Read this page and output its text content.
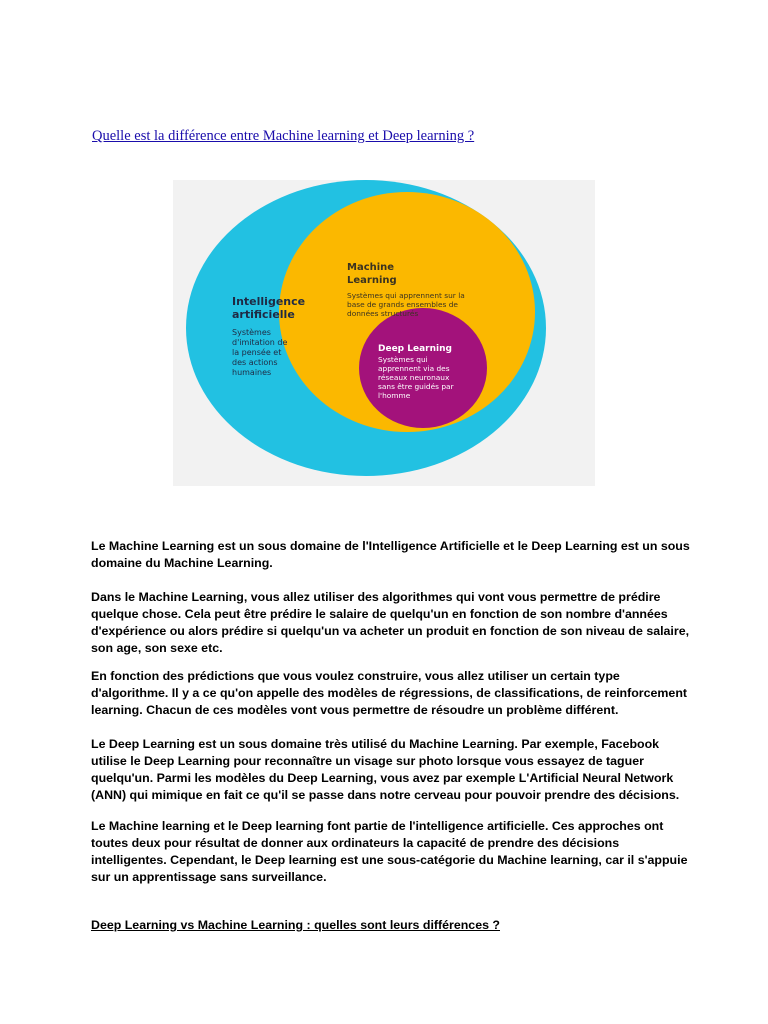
Quelle est la différence entre Machine learning et Deep learning ?
Intelligence
artificielle
Systèmes
d'imitation de
la pensée et
des actions
humaines
Machine
Learning
Systèmes qui apprennent sur la
base de grands ensembles de
données structurés
Deep Learning
Systèmes qui
apprennent via des
réseaux neuronaux
sans être guidés par
l'homme

Le Machine Learning est un sous domaine de l'Intelligence Artificielle et le Deep Learning est un sous domaine du Machine Learning.

Dans le Machine Learning, vous allez utiliser des algorithmes qui vont vous permettre de prédire quelque chose. Cela peut être prédire le salaire de quelqu'un en fonction de son nombre d'années d'expérience ou alors prédire si quelqu'un va acheter un produit en fonction de son niveau de salaire, son age, son sexe etc.

En fonction des prédictions que vous voulez construire, vous allez utiliser un certain type d'algorithme. Il y a ce qu'on appelle des modèles de régressions, de classifications, de reinforcement learning. Chacun de ces modèles vont vous permettre de résoudre un problème différent.

Le Deep Learning est un sous domaine très utilisé du Machine Learning. Par exemple, Facebook utilise le Deep Learning pour reconnaître un visage sur photo lorsque vous essayez de taguer quelqu'un. Parmi les modèles du Deep Learning, vous avez par exemple L'Artificial Neural Network (ANN) qui mimique en fait ce qu'il se passe dans notre cerveau pour pouvoir prendre des décisions.

Le Machine learning et le Deep learning font partie de l'intelligence artificielle. Ces approches ont toutes deux pour résultat de donner aux ordinateurs la capacité de prendre des décisions intelligentes. Cependant, le Deep learning est une sous-catégorie du Machine learning, car il s'appuie sur un apprentissage sans surveillance.

Deep Learning vs Machine Learning : quelles sont leurs différences ?
